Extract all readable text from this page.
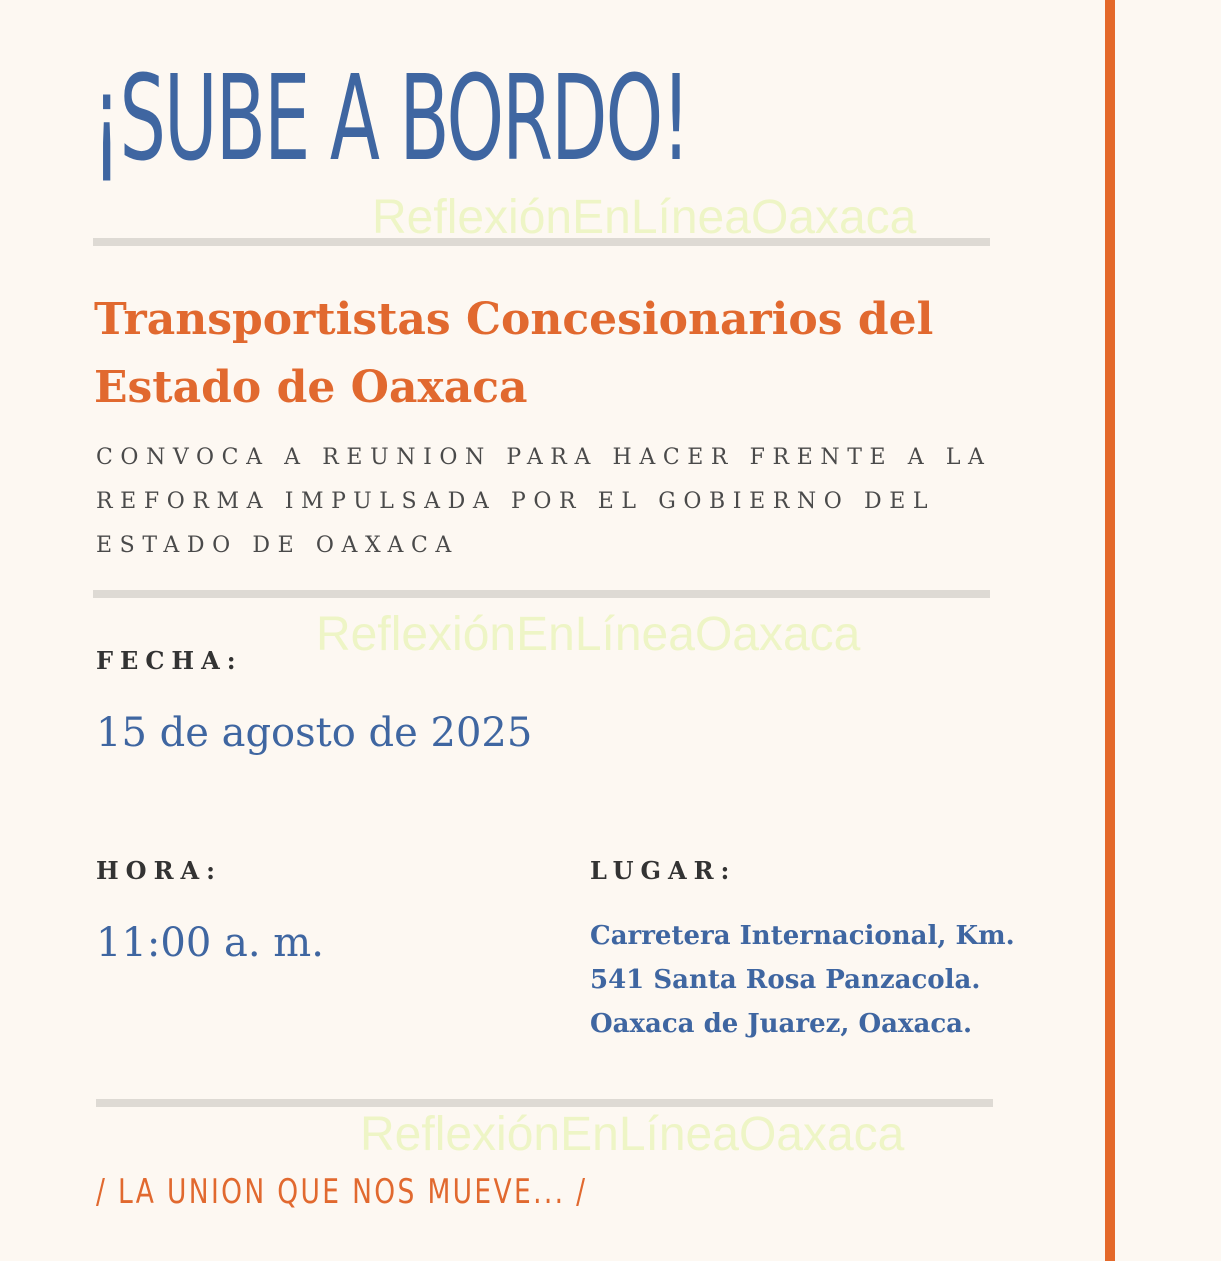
¡SUBE A BORDO!
Transportistas Concesionarios del Estado de Oaxaca

CONVOCA A REUNION PARA HACER FRENTE A LA REFORMA IMPULSADA POR EL GOBIERNO DEL ESTADO DE OAXACA

FECHA:

15 de agosto de 2025

HORA:

11:00 a. m.

LUGAR:

Carretera Internacional, Km.
541 Santa Rosa Panzacola.
Oaxaca de Juarez, Oaxaca.

/ LA UNION QUE NOS MUEVE... /

ReflexiónEnLíneaOaxaca
ReflexiónEnLíneaOaxaca
ReflexiónEnLíneaOaxaca
